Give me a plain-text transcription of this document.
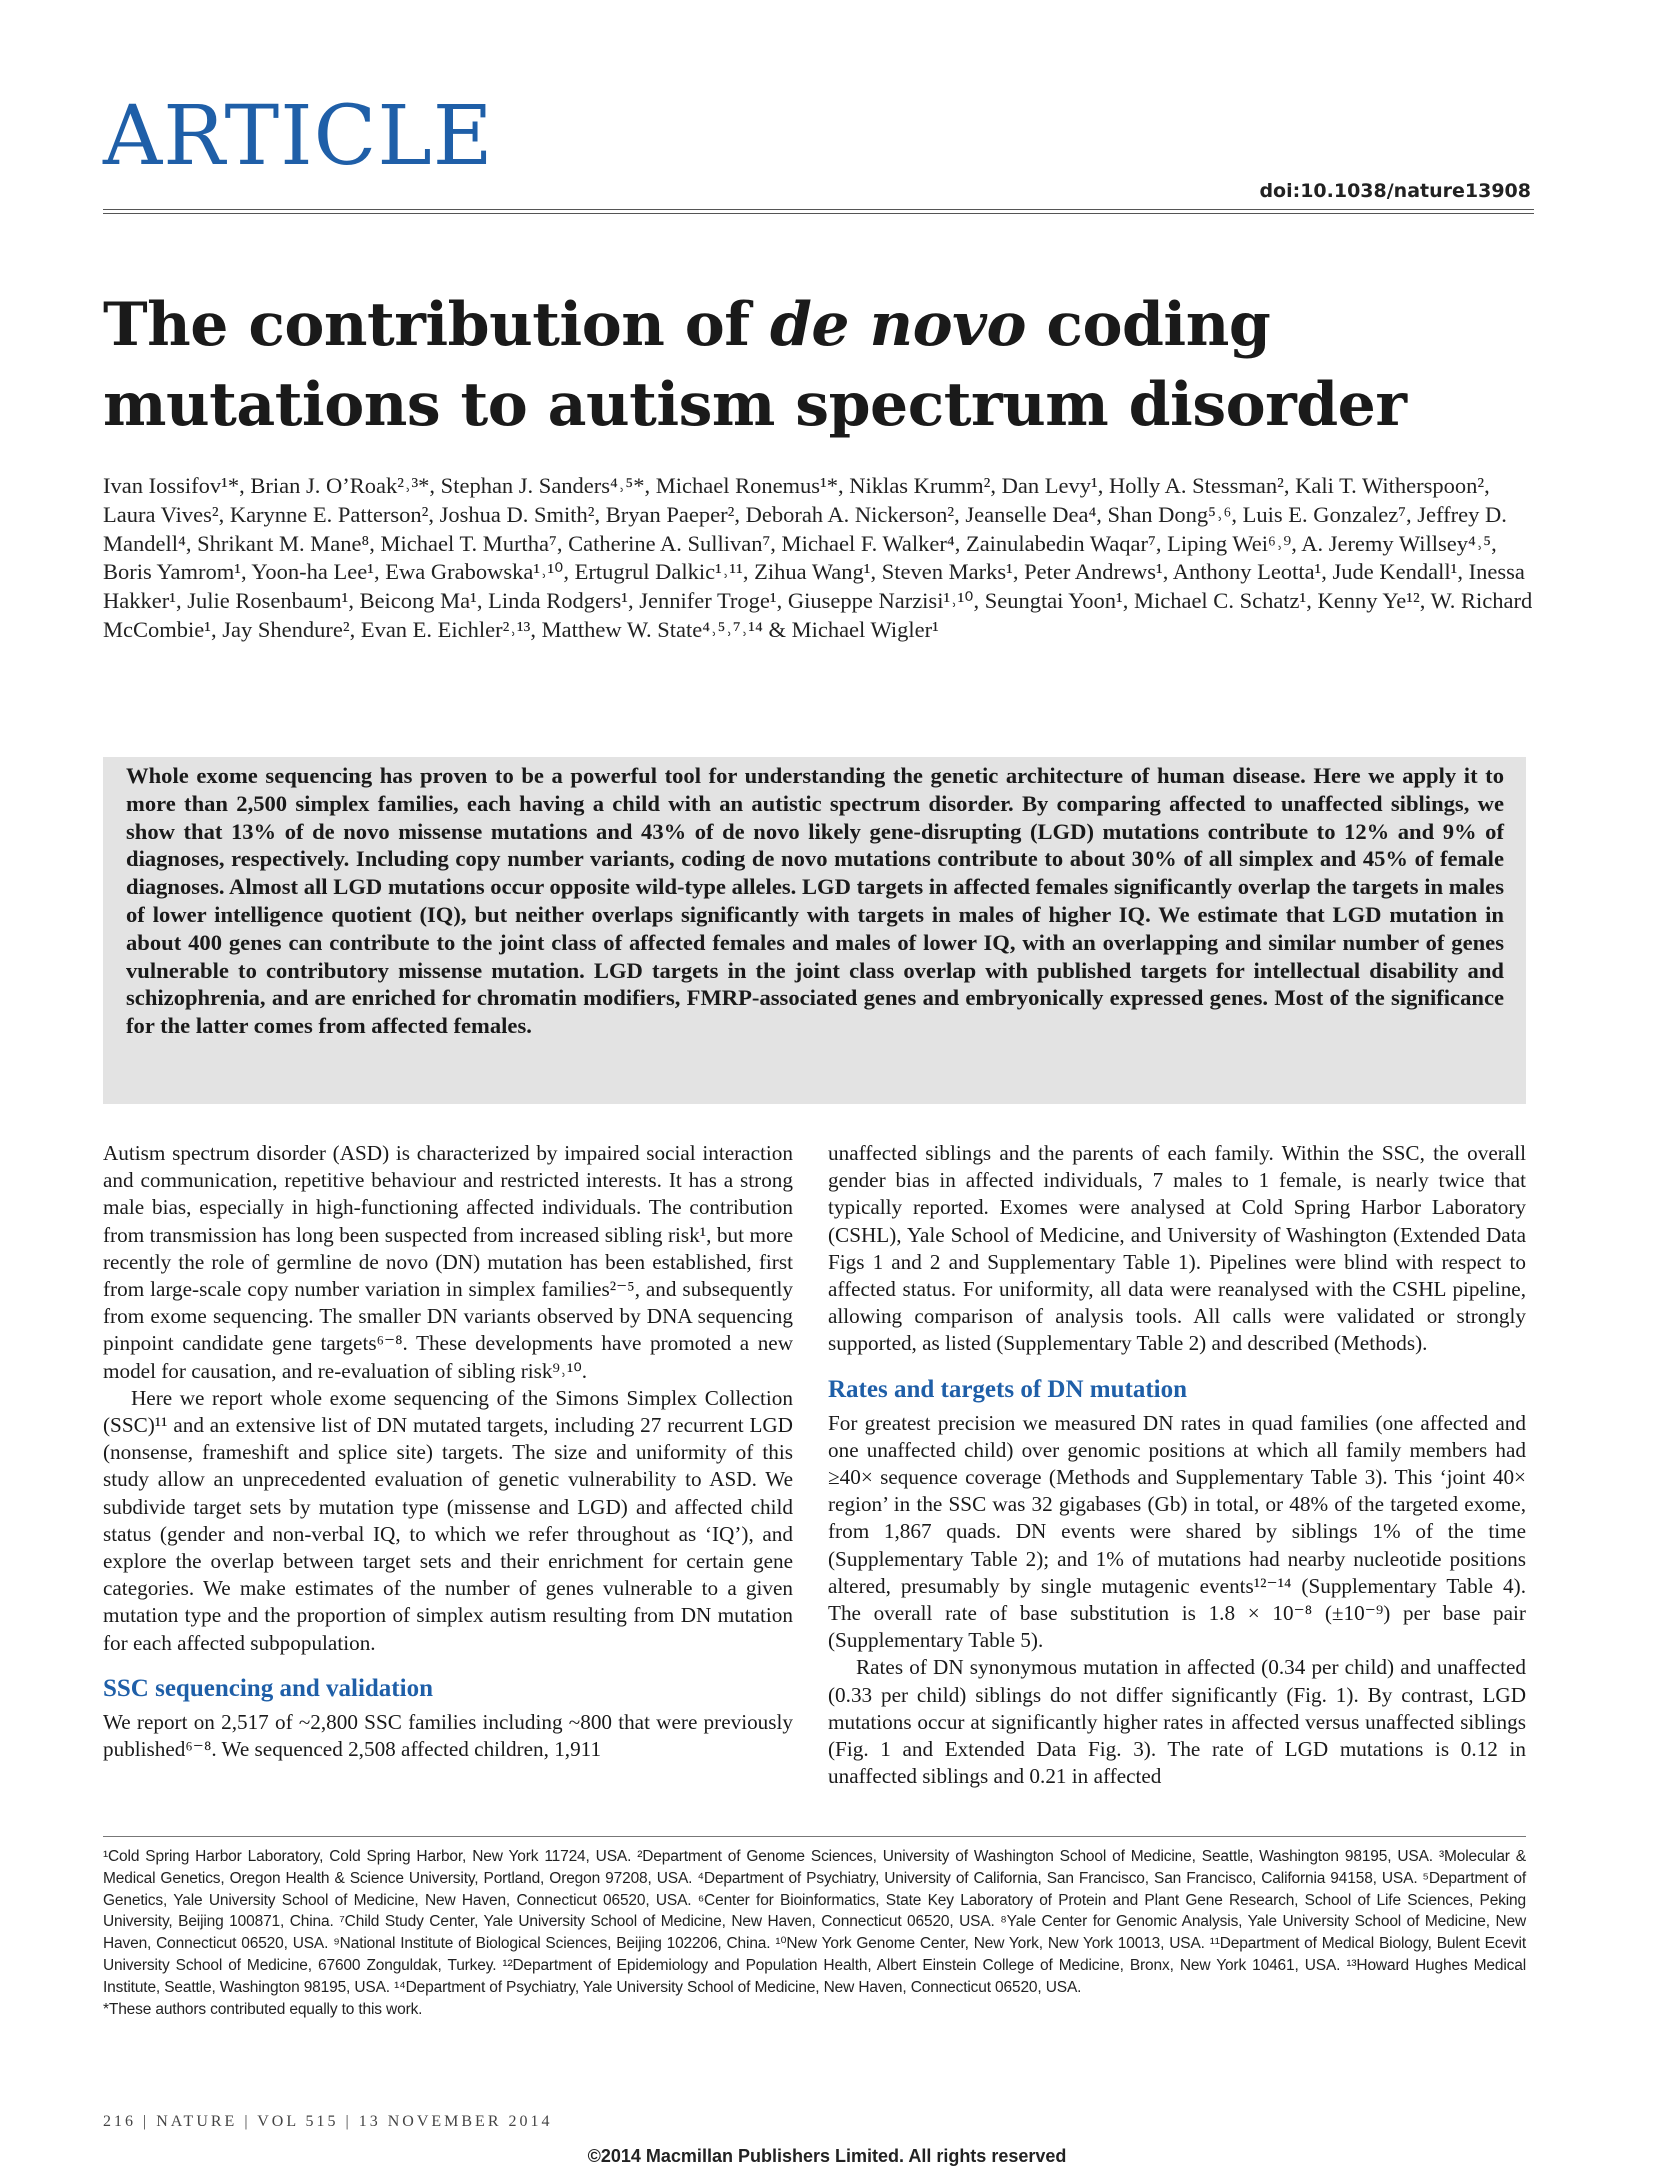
ARTICLE
doi:10.1038/nature13908
The contribution of de novo coding mutations to autism spectrum disorder
Ivan Iossifov¹*, Brian J. O’Roak²˒³*, Stephan J. Sanders⁴˒⁵*, Michael Ronemus¹*, Niklas Krumm², Dan Levy¹, Holly A. Stessman², Kali T. Witherspoon², Laura Vives², Karynne E. Patterson², Joshua D. Smith², Bryan Paeper², Deborah A. Nickerson², Jeanselle Dea⁴, Shan Dong⁵˒⁶, Luis E. Gonzalez⁷, Jeffrey D. Mandell⁴, Shrikant M. Mane⁸, Michael T. Murtha⁷, Catherine A. Sullivan⁷, Michael F. Walker⁴, Zainulabedin Waqar⁷, Liping Wei⁶˒⁹, A. Jeremy Willsey⁴˒⁵, Boris Yamrom¹, Yoon-ha Lee¹, Ewa Grabowska¹˒¹⁰, Ertugrul Dalkic¹˒¹¹, Zihua Wang¹, Steven Marks¹, Peter Andrews¹, Anthony Leotta¹, Jude Kendall¹, Inessa Hakker¹, Julie Rosenbaum¹, Beicong Ma¹, Linda Rodgers¹, Jennifer Troge¹, Giuseppe Narzisi¹˒¹⁰, Seungtai Yoon¹, Michael C. Schatz¹, Kenny Ye¹², W. Richard McCombie¹, Jay Shendure², Evan E. Eichler²˒¹³, Matthew W. State⁴˒⁵˒⁷˒¹⁴ & Michael Wigler¹
Whole exome sequencing has proven to be a powerful tool for understanding the genetic architecture of human disease. Here we apply it to more than 2,500 simplex families, each having a child with an autistic spectrum disorder. By comparing affected to unaffected siblings, we show that 13% of de novo missense mutations and 43% of de novo likely gene-disrupting (LGD) mutations contribute to 12% and 9% of diagnoses, respectively. Including copy number variants, coding de novo mutations contribute to about 30% of all simplex and 45% of female diagnoses. Almost all LGD mutations occur opposite wild-type alleles. LGD targets in affected females significantly overlap the targets in males of lower intelligence quotient (IQ), but neither overlaps significantly with targets in males of higher IQ. We estimate that LGD mutation in about 400 genes can contribute to the joint class of affected females and males of lower IQ, with an overlapping and similar number of genes vulnerable to contributory missense mutation. LGD targets in the joint class overlap with published targets for intellectual disability and schizophrenia, and are enriched for chromatin modifiers, FMRP-associated genes and embryonically expressed genes. Most of the significance for the latter comes from affected females.

Autism spectrum disorder (ASD) is characterized by impaired social interaction and communication, repetitive behaviour and restricted interests. It has a strong male bias, especially in high-functioning affected individuals. The contribution from transmission has long been suspected from increased sibling risk¹, but more recently the role of germline de novo (DN) mutation has been established, first from large-scale copy number variation in simplex families²⁻⁵, and subsequently from exome sequencing. The smaller DN variants observed by DNA sequencing pinpoint candidate gene targets⁶⁻⁸. These developments have promoted a new model for causation, and re-evaluation of sibling risk⁹˒¹⁰.

Here we report whole exome sequencing of the Simons Simplex Collection (SSC)¹¹ and an extensive list of DN mutated targets, including 27 recurrent LGD (nonsense, frameshift and splice site) targets. The size and uniformity of this study allow an unprecedented evaluation of genetic vulnerability to ASD. We subdivide target sets by mutation type (missense and LGD) and affected child status (gender and non-verbal IQ, to which we refer throughout as ‘IQ’), and explore the overlap between target sets and their enrichment for certain gene categories. We make estimates of the number of genes vulnerable to a given mutation type and the proportion of simplex autism resulting from DN mutation for each affected subpopulation.

SSC sequencing and validation

We report on 2,517 of ~2,800 SSC families including ~800 that were previously published⁶⁻⁸. We sequenced 2,508 affected children, 1,911

unaffected siblings and the parents of each family. Within the SSC, the overall gender bias in affected individuals, 7 males to 1 female, is nearly twice that typically reported. Exomes were analysed at Cold Spring Harbor Laboratory (CSHL), Yale School of Medicine, and University of Washington (Extended Data Figs 1 and 2 and Supplementary Table 1). Pipelines were blind with respect to affected status. For uniformity, all data were reanalysed with the CSHL pipeline, allowing comparison of analysis tools. All calls were validated or strongly supported, as listed (Supplementary Table 2) and described (Methods).

Rates and targets of DN mutation

For greatest precision we measured DN rates in quad families (one affected and one unaffected child) over genomic positions at which all family members had ≥40× sequence coverage (Methods and Supplementary Table 3). This ‘joint 40× region’ in the SSC was 32 gigabases (Gb) in total, or 48% of the targeted exome, from 1,867 quads. DN events were shared by siblings 1% of the time (Supplementary Table 2); and 1% of mutations had nearby nucleotide positions altered, presumably by single mutagenic events¹²⁻¹⁴ (Supplementary Table 4). The overall rate of base substitution is 1.8 × 10⁻⁸ (±10⁻⁹) per base pair (Supplementary Table 5).

Rates of DN synonymous mutation in affected (0.34 per child) and unaffected (0.33 per child) siblings do not differ significantly (Fig. 1). By contrast, LGD mutations occur at significantly higher rates in affected versus unaffected siblings (Fig. 1 and Extended Data Fig. 3). The rate of LGD mutations is 0.12 in unaffected siblings and 0.21 in affected

¹Cold Spring Harbor Laboratory, Cold Spring Harbor, New York 11724, USA. ²Department of Genome Sciences, University of Washington School of Medicine, Seattle, Washington 98195, USA. ³Molecular & Medical Genetics, Oregon Health & Science University, Portland, Oregon 97208, USA. ⁴Department of Psychiatry, University of California, San Francisco, San Francisco, California 94158, USA. ⁵Department of Genetics, Yale University School of Medicine, New Haven, Connecticut 06520, USA. ⁶Center for Bioinformatics, State Key Laboratory of Protein and Plant Gene Research, School of Life Sciences, Peking University, Beijing 100871, China. ⁷Child Study Center, Yale University School of Medicine, New Haven, Connecticut 06520, USA. ⁸Yale Center for Genomic Analysis, Yale University School of Medicine, New Haven, Connecticut 06520, USA. ⁹National Institute of Biological Sciences, Beijing 102206, China. ¹⁰New York Genome Center, New York, New York 10013, USA. ¹¹Department of Medical Biology, Bulent Ecevit University School of Medicine, 67600 Zonguldak, Turkey. ¹²Department of Epidemiology and Population Health, Albert Einstein College of Medicine, Bronx, New York 10461, USA. ¹³Howard Hughes Medical Institute, Seattle, Washington 98195, USA. ¹⁴Department of Psychiatry, Yale University School of Medicine, New Haven, Connecticut 06520, USA.
*These authors contributed equally to this work.
216 | NATURE | VOL 515 | 13 NOVEMBER 2014
©2014 Macmillan Publishers Limited. All rights reserved
